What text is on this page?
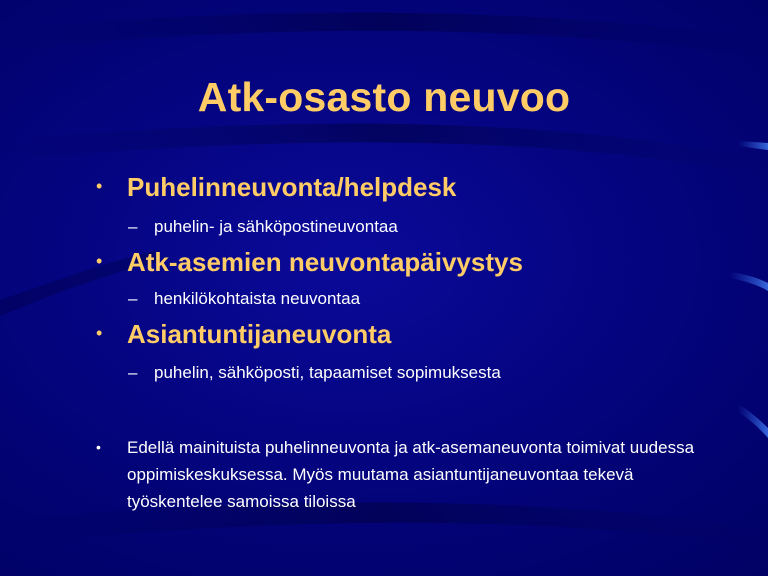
Atk-osasto neuvoo
• Puhelinneuvonta/helpdesk
– puhelin- ja sähköpostineuvontaa
• Atk-asemien neuvontapäivystys
– henkilökohtaista neuvontaa
• Asiantuntijaneuvonta
– puhelin, sähköposti, tapaamiset sopimuksesta
•	Edellä mainituista puhelinneuvonta ja atk-asemaneuvonta toimivat uudessa oppimiskeskuksessa. Myös muutama asiantuntijaneuvontaa tekevä työskentelee samoissa tiloissa
